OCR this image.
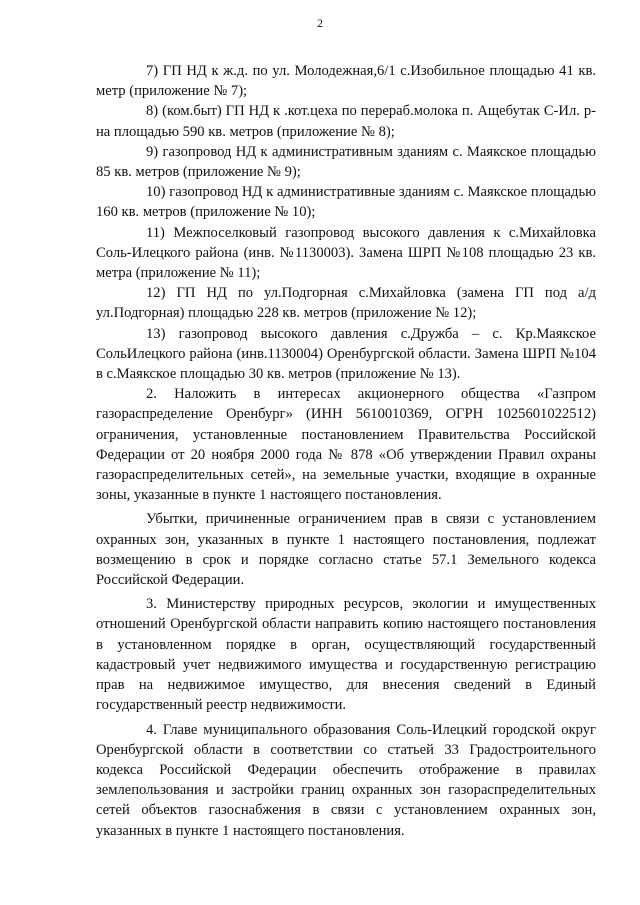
2

7) ГП НД к ж.д. по ул. Молодежная,6/1 с.Изобильное площадью 41 кв. метр (приложение № 7);

8) (ком.быт) ГП НД к .кот.цеха по перераб.молока п. Ащебутак С-Ил. р-на площадью 590 кв. метров (приложение № 8);

9) газопровод НД к административным зданиям с. Маякское площадью 85 кв. метров (приложение № 9);

10) газопровод НД к административные зданиям с. Маякское площадью 160 кв. метров (приложение № 10);

11) Межпоселковый газопровод высокого давления к с.Михайловка Соль-Илецкого района (инв. №1130003). Замена ШРП №108 площадью 23 кв. метра (приложение № 11);

12) ГП НД по ул.Подгорная с.Михайловка (замена ГП под а/д ул.Подгорная) площадью 228 кв. метров (приложение № 12);

13) газопровод высокого давления с.Дружба – с. Кр.Маякское СольИлецкого района (инв.1130004) Оренбургской области. Замена ШРП №104 в с.Маякское площадью 30 кв. метров (приложение № 13).

2. Наложить в интересах акционерного общества «Газпром газораспределение Оренбург» (ИНН 5610010369, ОГРН 1025601022512) ограничения, установленные постановлением Правительства Российской Федерации от 20 ноября 2000 года № 878 «Об утверждении Правил охраны газораспределительных сетей», на земельные участки, входящие в охранные зоны, указанные в пункте 1 настоящего постановления.

Убытки, причиненные ограничением прав в связи с установлением охранных зон, указанных в пункте 1 настоящего постановления, подлежат возмещению в срок и порядке согласно статье 57.1 Земельного кодекса Российской Федерации.

3. Министерству природных ресурсов, экологии и имущественных отношений Оренбургской области направить копию настоящего постановления в установленном порядке в орган, осуществляющий государственный кадастровый учет недвижимого имущества и государственную регистрацию прав на недвижимое имущество, для внесения сведений в Единый государственный реестр недвижимости.

4. Главе муниципального образования Соль-Илецкий городской округ Оренбургской области в соответствии со статьей 33 Градостроительного кодекса Российской Федерации обеспечить отображение в правилах землепользования и застройки границ охранных зон газораспределительных сетей объектов газоснабжения в связи с установлением охранных зон, указанных в пункте 1 настоящего постановления.
